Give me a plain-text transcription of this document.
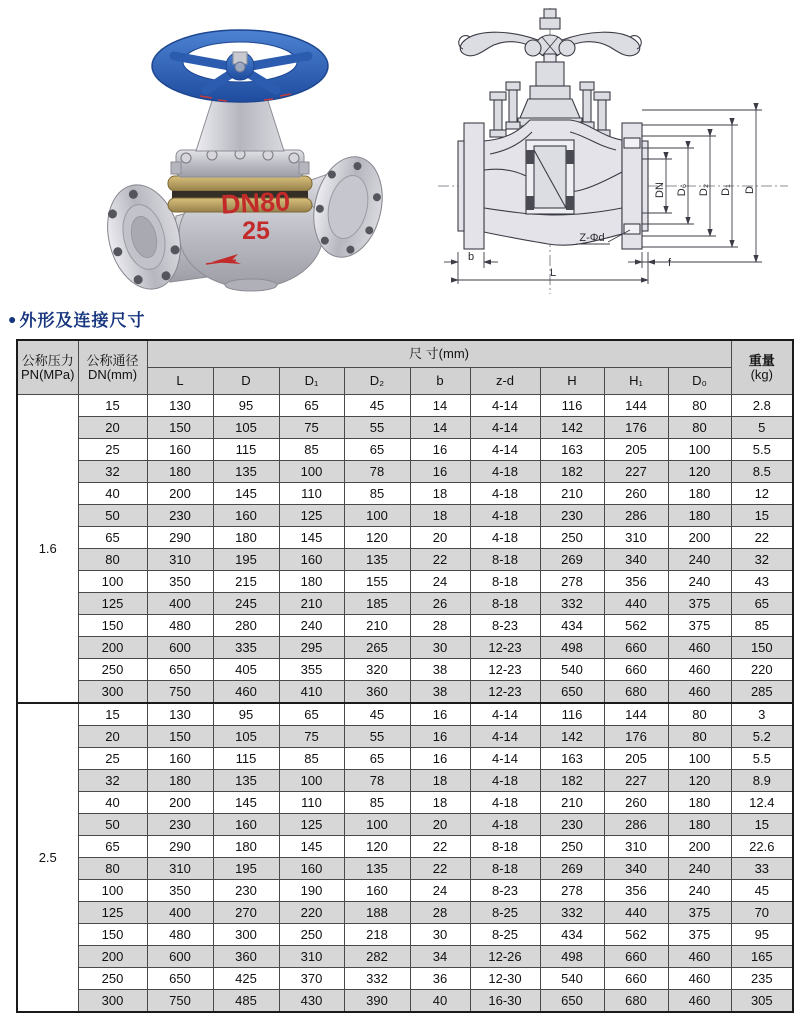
DN80
25
DN D₆ D₂ D₁ D
Z-Φd
b
L
f
● 外形及连接尺寸
公称压力
PN(MPa)	公称通径
DN(mm)	尺 寸(mm)									重量
(kg)
		L	D	D₁	D₂	b	z-d	H	H₁	D₀	
1.6	15	130	95	65	45	14	4-14	116	144	80	2.8
	20	150	105	75	55	14	4-14	142	176	80	5
	25	160	115	85	65	16	4-14	163	205	100	5.5
	32	180	135	100	78	16	4-18	182	227	120	8.5
	40	200	145	110	85	18	4-18	210	260	180	12
	50	230	160	125	100	18	4-18	230	286	180	15
	65	290	180	145	120	20	4-18	250	310	200	22
	80	310	195	160	135	22	8-18	269	340	240	32
	100	350	215	180	155	24	8-18	278	356	240	43
	125	400	245	210	185	26	8-18	332	440	375	65
	150	480	280	240	210	28	8-23	434	562	375	85
	200	600	335	295	265	30	12-23	498	660	460	150
	250	650	405	355	320	38	12-23	540	660	460	220
	300	750	460	410	360	38	12-23	650	680	460	285
2.5	15	130	95	65	45	16	4-14	116	144	80	3
	20	150	105	75	55	16	4-14	142	176	80	5.2
	25	160	115	85	65	16	4-14	163	205	100	5.5
	32	180	135	100	78	18	4-18	182	227	120	8.9
	40	200	145	110	85	18	4-18	210	260	180	12.4
	50	230	160	125	100	20	4-18	230	286	180	15
	65	290	180	145	120	22	8-18	250	310	200	22.6
	80	310	195	160	135	22	8-18	269	340	240	33
	100	350	230	190	160	24	8-23	278	356	240	45
	125	400	270	220	188	28	8-25	332	440	375	70
	150	480	300	250	218	30	8-25	434	562	375	95
	200	600	360	310	282	34	12-26	498	660	460	165
	250	650	425	370	332	36	12-30	540	660	460	235
	300	750	485	430	390	40	16-30	650	680	460	305
